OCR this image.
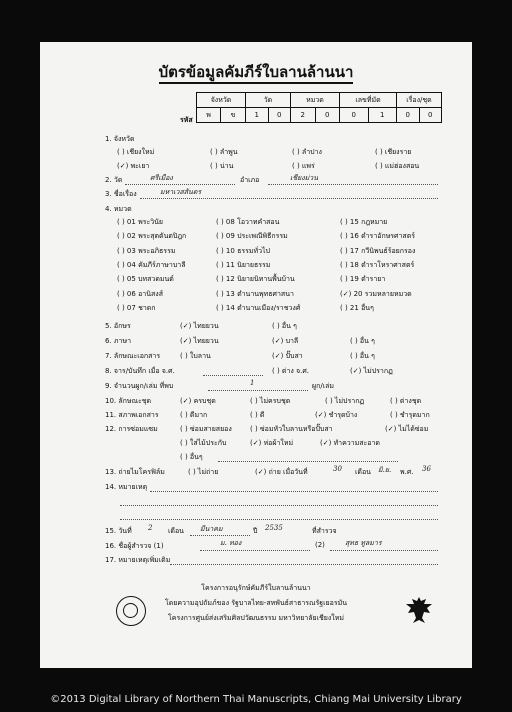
บัตรข้อมูลคัมภีร์ใบลานล้านนา
รหัส
จังหวัด		วัด		หมวด		เลขที่มัด		เรื่อง/ชุด	
พ	ข	1	0	2	0	0	1	0	0
1. จังหวัด
( ) เชียงใหม่	( ) ลำพูน	( ) ลำปาง	( ) เชียงราย
(✓) พะเยา	( ) น่าน	( ) แพร่	( ) แม่ฮ่องสอน
2. วัด	ศรีเมือง	อำเภอ	เชียงม่วน
3. ชื่อเรื่อง	มหาเวสสันดร
4. หมวด
( ) 01 พระวินัย
( ) 02 พระสุตตันตปิฎก
( ) 03 พระอภิธรรม
( ) 04 คัมภีร์ภาษาบาลี
( ) 05 บทสวดมนต์
( ) 06 อานิสงส์
( ) 07 ชาดก
( ) 08 โอวาทคำสอน
( ) 09 ประเพณีพิธีกรรม
( ) 10 ธรรมทั่วไป
( ) 11 นิยายธรรม
( ) 12 นิยายนิทานพื้นบ้าน
( ) 13 ตำนานพุทธศาสนา
( ) 14 ตำนานเมือง/ราชวงศ์
( ) 15 กฎหมาย
( ) 16 ดำราอักษรศาสตร์
( ) 17 กวีนิพนธ์ร้อยกรอง
( ) 18 ตำราโหราศาสตร์
( ) 19 ตำรายา
(✓) 20 รวมหลายหมวด
( ) 21 อื่นๆ
5. อักษร	(✓) ไทยยวน	( ) อื่น ๆ
6. ภาษา	(✓) ไทยยวน	(✓) บาลี	( ) อื่น ๆ
7. ลักษณะเอกสาร	( ) ใบลาน	(✓) ปั๊บสา	( ) อื่น ๆ
8. จาร/บันทึก เมื่อ จ.ศ.	( ) ต่าง จ.ศ.	(✓) ไม่ปรากฏ
9. จำนวนผูก/เล่ม ที่พบ	1	ผูก/เล่ม
10. ลักษณะชุด	(✓) ครบชุด	( ) ไม่ครบชุด	( ) ไม่ปรากฏ	( ) ต่างชุด
11. สภาพเอกสาร	( ) ดีมาก	( ) ดี	(✓) ชำรุดบ้าง	( ) ชำรุดมาก
12. การซ่อมแซม	( ) ซ่อมสายสยอง	( ) ซ่อมหัวใบลานหรือปั๊บสา	(✓) ไม่ได้ซ่อม
( ) ใส่ไม้ประกับ	(✓) ห่อผ้าใหม่	(✓) ทำความสะอาด
( ) อื่นๆ
13. ถ่ายไมโครฟิล์ม	( ) ไม่ถ่าย	(✓) ถ่าย เมื่อวันที่	30 เดือน มิ.ย. พ.ศ. 36
14. หมายเหตุ
15. วันที่ 2 เดือน มีนาคม	ปี 2535	ที่สำรวจ
16. ชื่อผู้สำรวจ (1)	ม. ทอง	(2)	สุทธ ทูลมาร
17. หมายเหตุเพิ่มเติม
โครงการอนุรักษ์คัมภีร์ใบลานล้านนา
โดยความอุปถัมภ์ของ รัฐบาลไทย-สหพันธ์สาธารณรัฐเยอรมัน
โครงการศูนย์ส่งเสริมศิลปวัฒนธรรม มหาวิทยาลัยเชียงใหม่
©2013 Digital Library of Northern Thai Manuscripts, Chiang Mai University Library
